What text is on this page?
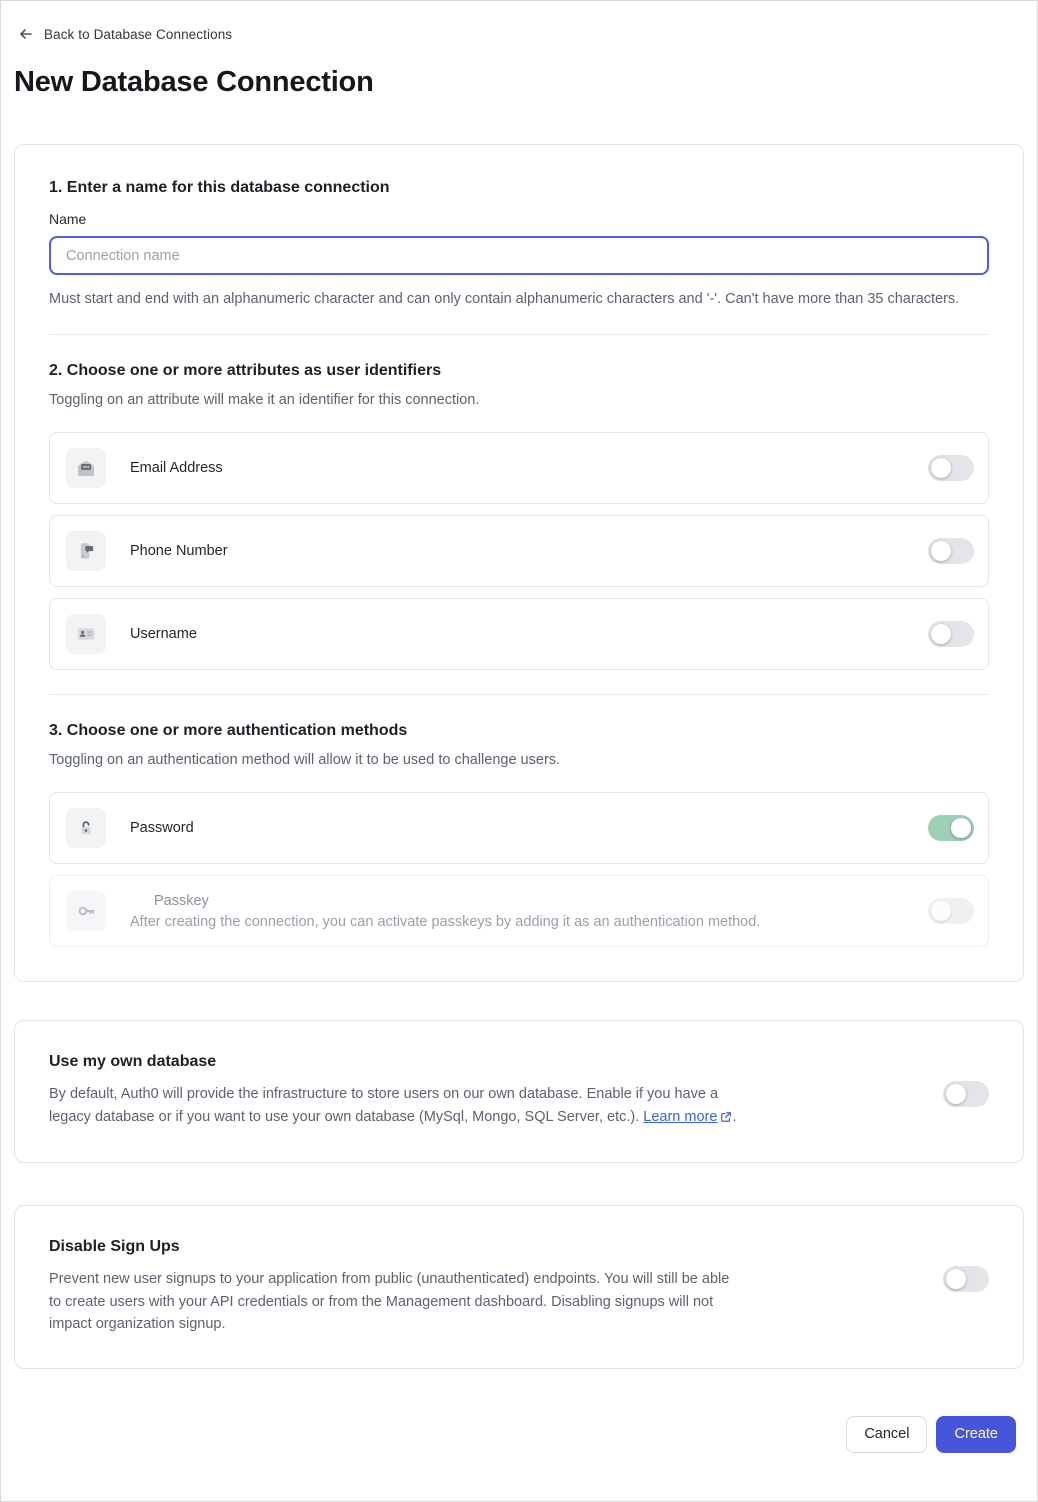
Back to Database Connections
New Database Connection
1. Enter a name for this database connection
Name
Connection name
Must start and end with an alphanumeric character and can only contain alphanumeric characters and '-'. Can't have more than 35 characters.
2. Choose one or more attributes as user identifiers
Toggling on an attribute will make it an identifier for this connection.
Email Address
Phone Number
Username
3. Choose one or more authentication methods
Toggling on an authentication method will allow it to be used to challenge users.
Password
Passkey
After creating the connection, you can activate passkeys by adding it as an authentication method.
Use my own database
By default, Auth0 will provide the infrastructure to store users on our own database. Enable if you have a legacy database or if you want to use your own database (MySql, Mongo, SQL Server, etc.). Learn more .
Disable Sign Ups
Prevent new user signups to your application from public (unauthenticated) endpoints. You will still be able to create users with your API credentials or from the Management dashboard. Disabling signups will not impact organization signup.
Cancel	Create
